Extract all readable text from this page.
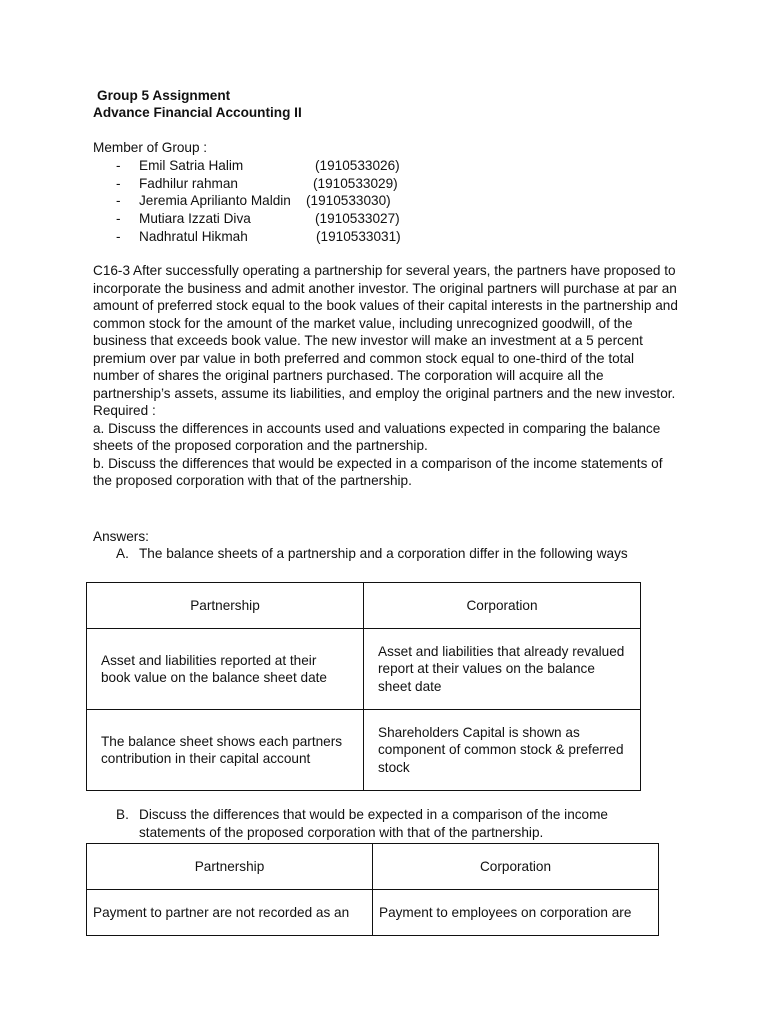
Group 5 Assignment
Advance Financial Accounting II
Member of Group :
- Emil Satria Halim	(1910533026)
- Fadhilur rahman	(1910533029)
- Jeremia Aprilianto Maldin (1910533030)
- Mutiara Izzati Diva	(1910533027)
- Nadhratul Hikmah	(1910533031)

C16-3 After successfully operating a partnership for several years, the partners have proposed to incorporate the business and admit another investor. The original partners will purchase at par an amount of preferred stock equal to the book values of their capital interests in the partnership and common stock for the amount of the market value, including unrecognized goodwill, of the business that exceeds book value. The new investor will make an investment at a 5 percent premium over par value in both preferred and common stock equal to one-third of the total number of shares the original partners purchased. The corporation will acquire all the partnership’s assets, assume its liabilities, and employ the original partners and the new investor.

Required :

a. Discuss the differences in accounts used and valuations expected in comparing the balance sheets of the proposed corporation and the partnership.

b. Discuss the differences that would be expected in a comparison of the income statements of the proposed corporation with that of the partnership.

Answers:
A. The balance sheets of a partnership and a corporation differ in the following ways
Partnership	Corporation
Asset and liabilities reported at their book value on the balance sheet date	Asset and liabilities that already revalued report at their values on the balance sheet date
The balance sheet shows each partners contribution in their capital account	Shareholders Capital is shown as component of common stock & preferred stock
B. Discuss the differences that would be expected in a comparison of the income statements of the proposed corporation with that of the partnership.
Partnership	Corporation
Payment to partner are not recorded as an	Payment to employees on corporation are
